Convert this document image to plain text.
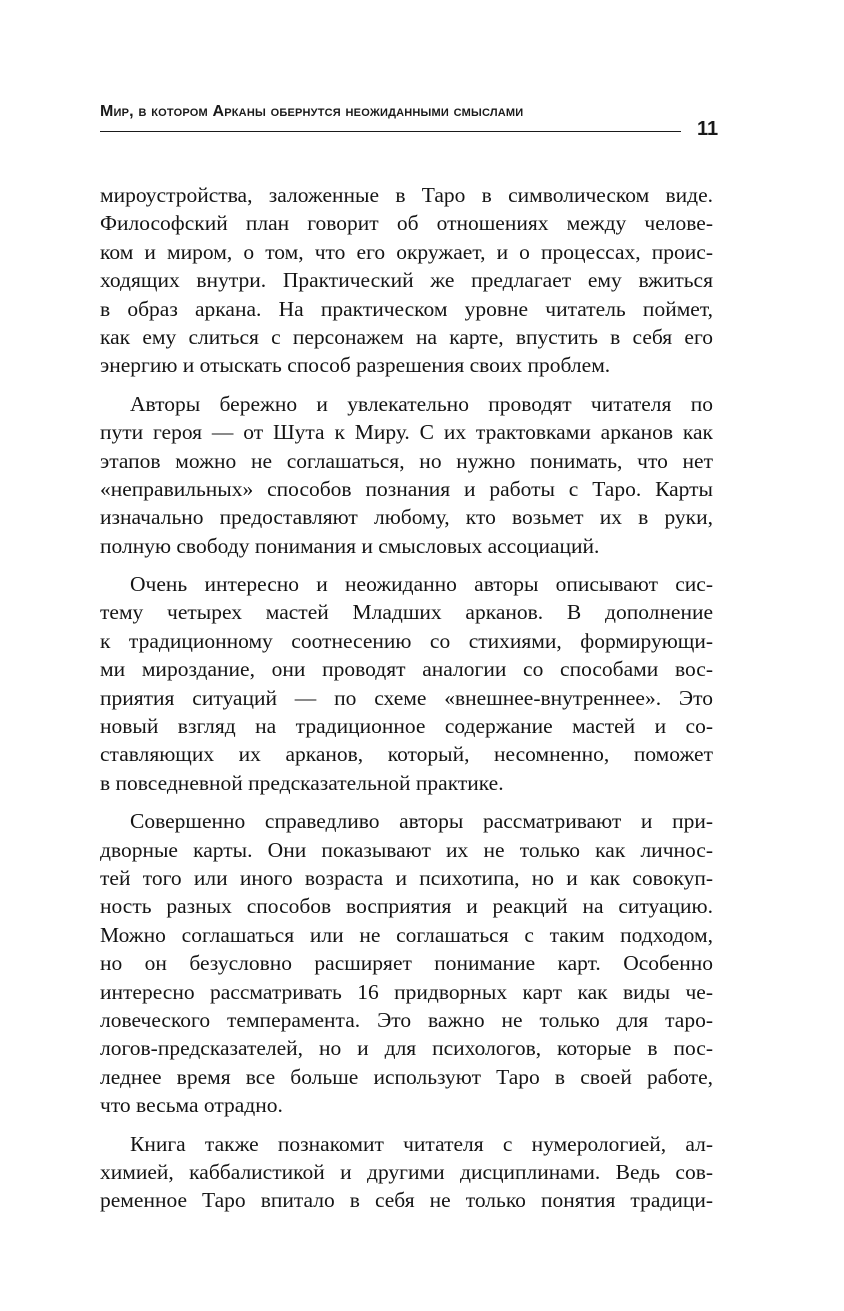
Мир, в котором Арканы обернутся неожиданными смыслами
11
мироустройства, заложенные в Таро в символическом виде.
Философский план говорит об отношениях между челове-
ком и миром, о том, что его окружает, и о процессах, проис-
ходящих внутри. Практический же предлагает ему вжиться
в образ аркана. На практическом уровне читатель поймет,
как ему слиться с персонажем на карте, впустить в себя его
энергию и отыскать способ разрешения своих проблем.
Авторы бережно и увлекательно проводят читателя по
пути героя — от Шута к Миру. С их трактовками арканов как
этапов можно не соглашаться, но нужно понимать, что нет
«неправильных» способов познания и работы с Таро. Карты
изначально предоставляют любому, кто возьмет их в руки,
полную свободу понимания и смысловых ассоциаций.
Очень интересно и неожиданно авторы описывают сис-
тему четырех мастей Младших арканов. В дополнение
к традиционному соотнесению со стихиями, формирующи-
ми мироздание, они проводят аналогии со способами вос-
приятия ситуаций — по схеме «внешнее-внутреннее». Это
новый взгляд на традиционное содержание мастей и со-
ставляющих их арканов, который, несомненно, поможет
в повседневной предсказательной практике.
Совершенно справедливо авторы рассматривают и при-
дворные карты. Они показывают их не только как личнос-
тей того или иного возраста и психотипа, но и как совокуп-
ность разных способов восприятия и реакций на ситуацию.
Можно соглашаться или не соглашаться с таким подходом,
но он безусловно расширяет понимание карт. Особенно
интересно рассматривать 16 придворных карт как виды че-
ловеческого темперамента. Это важно не только для таро-
логов-предсказателей, но и для психологов, которые в пос-
леднее время все больше используют Таро в своей работе,
что весьма отрадно.
Книга также познакомит читателя с нумерологией, ал-
химией, каббалистикой и другими дисциплинами. Ведь сов-
ременное Таро впитало в себя не только понятия традици-
